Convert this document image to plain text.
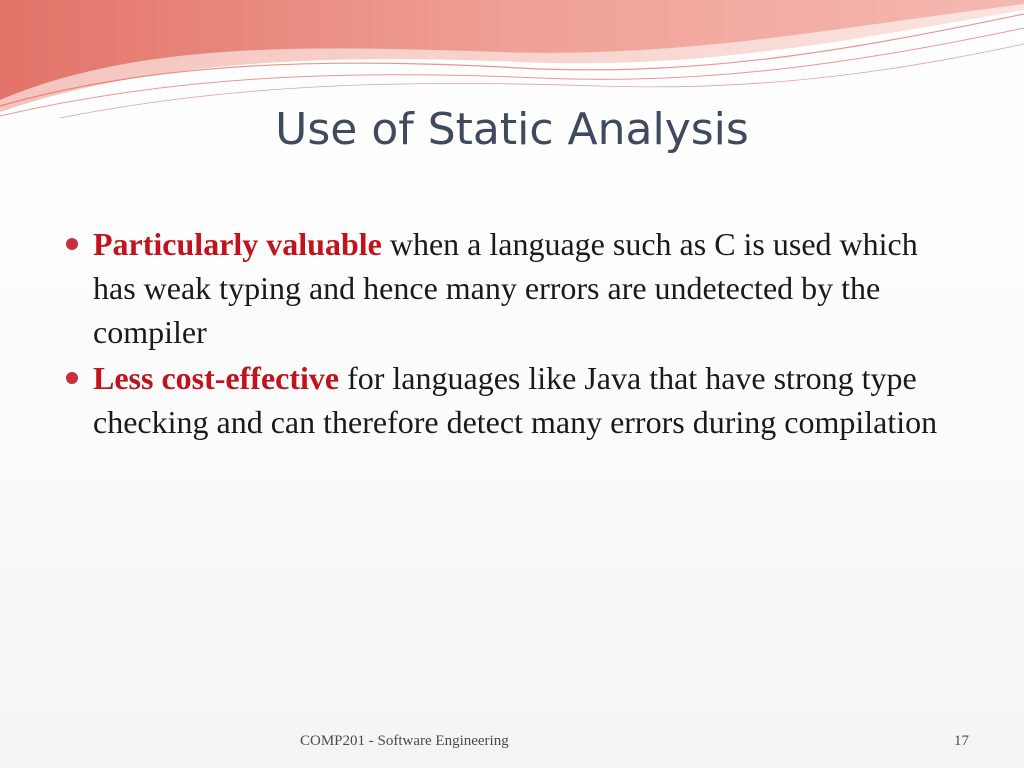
Use of Static Analysis
Particularly valuable when a language such as C is used which has weak typing and hence many errors are undetected by the compiler
Less cost-effective for languages like Java that have strong type checking and can therefore detect many errors during compilation
COMP201 - Software Engineering	17
